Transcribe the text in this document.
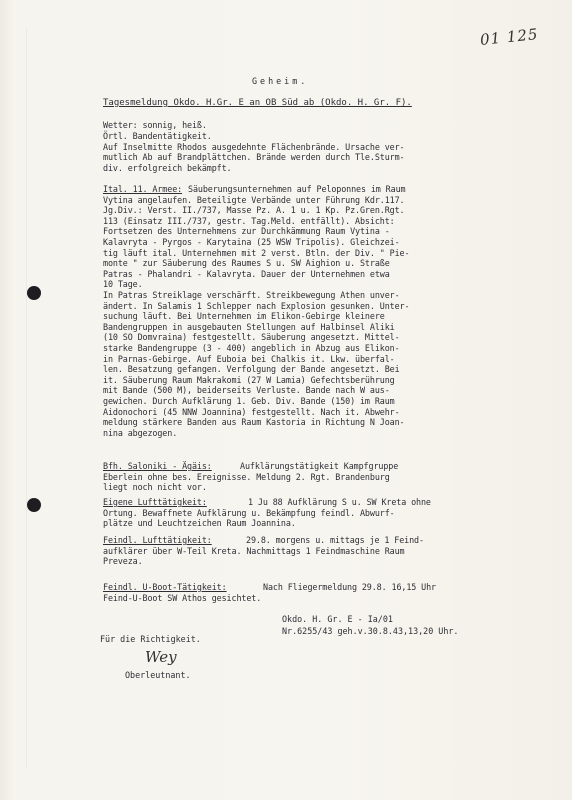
01 125
Geheim.
Tagesmeldung Okdo. H.Gr. E an OB Süd ab (Okdo. H. Gr. F).
Wetter: sonnig, heiß.
Örtl. Bandentätigkeit.
Auf Inselmitte Rhodos ausgedehnte Flächenbrände. Ursache ver-
mutlich Ab auf Brandplättchen. Brände werden durch Tle.Sturm-
div. erfolgreich bekämpft.
Ital. 11. Armee: Säuberungsunternehmen auf Peloponnes im Raum
Vytina angelaufen. Beteiligte Verbände unter Führung Kdr.117.
Jg.Div.: Verst. II./737, Masse Pz. A. 1 u. 1 Kp. Pz.Gren.Rgt.
113 (Einsatz III./737, gestr. Tag.Meld. entfällt). Absicht:
Fortsetzen des Unternehmens zur Durchkämmung Raum Vytina -
Kalavryta - Pyrgos - Karytaina (25 WSW Tripolis). Gleichzei-
tig läuft ital. Unternehmen mit 2 verst. Btln. der Div. " Pie-
monte " zur Säuberung des Raumes S u. SW Aighion u. Straße
Patras - Phalandri - Kalavryta. Dauer der Unternehmen etwa
10 Tage.
In Patras Streiklage verschärft. Streikbewegung Athen unver-
ändert. In Salamis 1 Schlepper nach Explosion gesunken. Unter-
suchung läuft. Bei Unternehmen im Elikon-Gebirge kleinere
Bandengruppen in ausgebauten Stellungen auf Halbinsel Aliki
(10 SO Domvraina) festgestellt. Säuberung angesetzt. Mittel-
starke Bandengruppe (3 - 400) angeblich in Abzug aus Elikon-
in Parnas-Gebirge. Auf Euboia bei Chalkis it. Lkw. überfal-
len. Besatzung gefangen. Verfolgung der Bande angesetzt. Bei
it. Säuberung Raum Makrakomi (27 W Lamia) Gefechtsberührung
mit Bande (500 M), beiderseits Verluste. Bande nach W aus-
gewichen. Durch Aufklärung 1. Geb. Div. Bande (150) im Raum
Aidonochori (45 NNW Joannina) festgestellt. Nach it. Abwehr-
meldung stärkere Banden aus Raum Kastoria in Richtung N Joan-
nina abgezogen.
Bfh. Saloniki - Ägäis:	Aufklärungstätigkeit Kampfgruppe
Eberlein ohne bes. Ereignisse. Meldung 2. Rgt. Brandenburg
liegt noch nicht vor.
Eigene Lufttätigkeit:	1 Ju 88 Aufklärung S u. SW Kreta ohne
Ortung. Bewaffnete Aufklärung u. Bekämpfung feindl. Abwurf-
plätze und Leuchtzeichen Raum Joannina.
Feindl. Lufttätigkeit:	29.8. morgens u. mittags je 1 Feind-
aufklärer über W-Teil Kreta. Nachmittags 1 Feindmaschine Raum
Preveza.
Feindl. U-Boot-Tätigkeit:	Nach Fliegermeldung 29.8. 16,15 Uhr
Feind-U-Boot SW Athos gesichtet.
Okdo. H. Gr. E - Ia/01
Nr.6255/43 geh.v.30.8.43,13,20 Uhr.
Für die Richtigkeit.
Wey
Oberleutnant.
